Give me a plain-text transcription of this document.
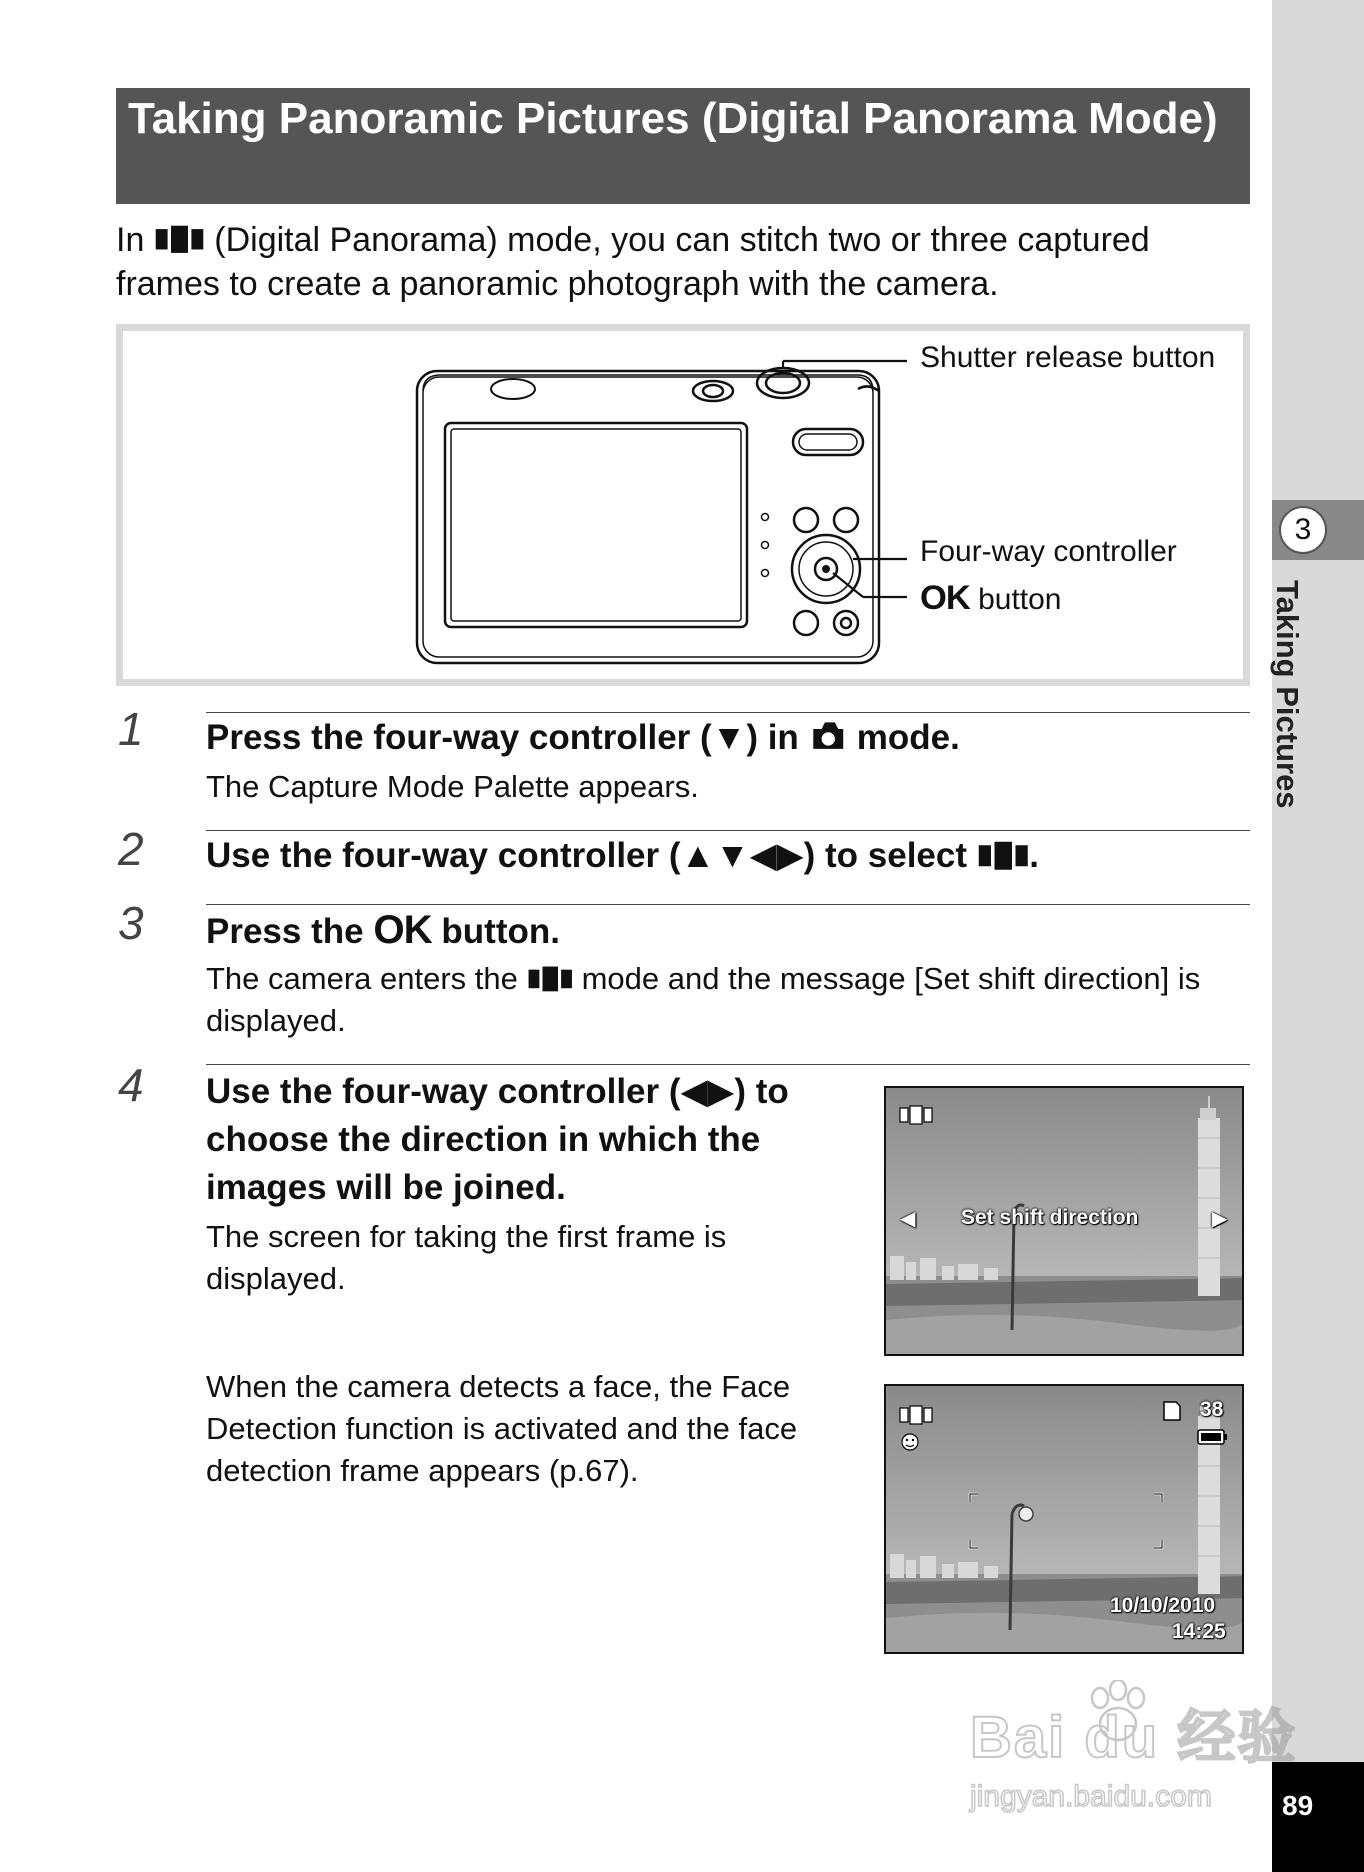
3
Taking Pictures
89
Taking Panoramic Pictures (Digital Panorama Mode)
In  (Digital Panorama) mode, you can stitch two or three captured frames to create a panoramic photograph with the camera.
Shutter release button
Four-way controller
OK button
1 Press the four-way controller (▼) in  mode.
The Capture Mode Palette appears.
2 Use the four-way controller (▲▼◀▶) to select .
3 Press the OK button.
The camera enters the  mode and the message [Set shift direction] is displayed.
4 Use the four-way controller (◀▶) to choose the direction in which the images will be joined.
The screen for taking the first frame is displayed.
When the camera detects a face, the Face Detection function is activated and the face detection frame appears (p.67).
◀ Set shift direction	▶
38
10/10/2010
14:25
Bai du 经验
jingyan.baidu.com
